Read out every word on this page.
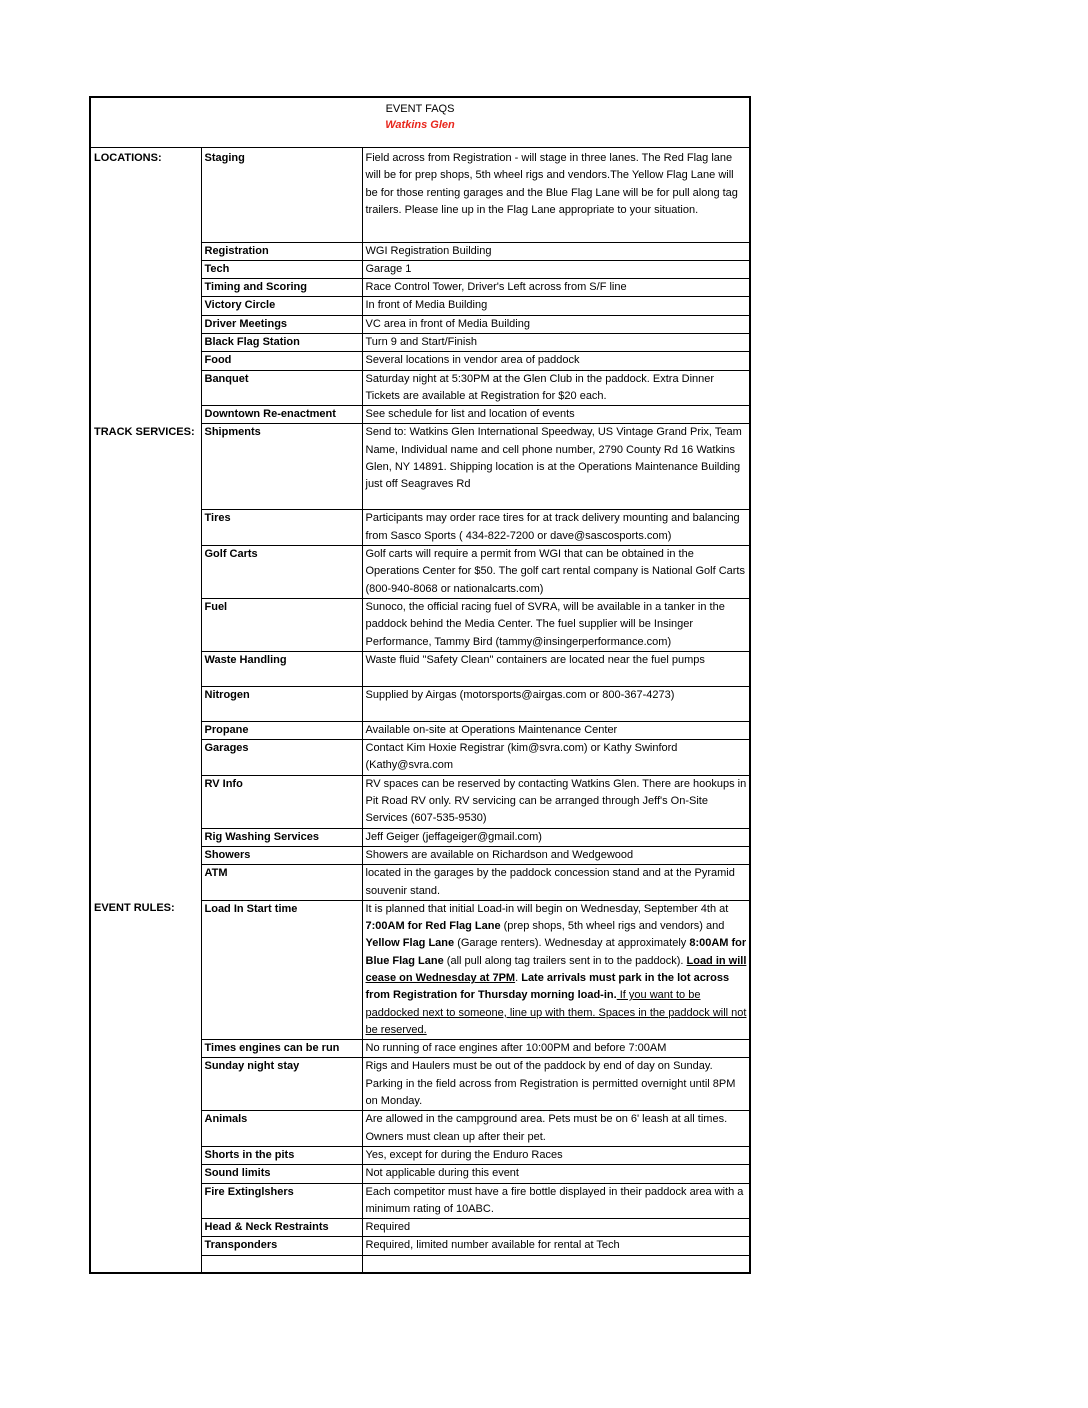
EVENT FAQS
Watkins Glen
LOCATIONS:	Staging	Field across from Registration - will stage in three lanes. The Red Flag lane will be for prep shops, 5th wheel rigs and vendors.The Yellow Flag Lane will be for those renting garages and the Blue Flag Lane will be for pull along tag trailers. Please line up in the Flag Lane appropriate to your situation.
	Registration	WGI Registration Building
	Tech	Garage 1
	Timing and Scoring	Race Control Tower, Driver's Left across from S/F line
	Victory Circle	In front of Media Building
	Driver Meetings	VC area in front of Media Building
	Black Flag Station	Turn 9 and Start/Finish
	Food	Several locations in vendor area of paddock
	Banquet	Saturday night at 5:30PM at the Glen Club in the paddock. Extra Dinner Tickets are available at Registration for $20 each.
	Downtown Re-enactment	See schedule for list and location of events
TRACK SERVICES:	Shipments	Send to: Watkins Glen International Speedway, US Vintage Grand Prix, Team Name, Individual name and cell phone number, 2790 County Rd 16 Watkins Glen, NY 14891. Shipping location is at the Operations Maintenance Building just off Seagraves Rd
	Tires	Participants may order race tires for at track delivery mounting and balancing from Sasco Sports ( 434-822-7200 or dave@sascosports.com)
	Golf Carts	Golf carts will require a permit from WGI that can be obtained in the Operations Center for $50. The golf cart rental company is National Golf Carts (800-940-8068 or nationalcarts.com)
	Fuel	Sunoco, the official racing fuel of SVRA, will be available in a tanker in the paddock behind the Media Center. The fuel supplier will be Insinger Performance, Tammy Bird (tammy@insingerperformance.com)
	Waste Handling	Waste fluid "Safety Clean" containers are located near the fuel pumps
	Nitrogen	Supplied by Airgas (motorsports@airgas.com or 800-367-4273)
	Propane	Available on-site at Operations Maintenance Center
	Garages	Contact Kim Hoxie Registrar (kim@svra.com) or Kathy Swinford (Kathy@svra.com
	RV Info	RV spaces can be reserved by contacting Watkins Glen. There are hookups in Pit Road RV only. RV servicing can be arranged through Jeff's On-Site Services (607-535-9530)
	Rig Washing Services	Jeff Geiger (jeffageiger@gmail.com)
	Showers	Showers are available on Richardson and Wedgewood
	ATM	located in the garages by the paddock concession stand and at the Pyramid souvenir stand.
EVENT RULES:	Load In Start time	It is planned that initial Load-in will begin on Wednesday, September 4th at 7:00AM for Red Flag Lane (prep shops, 5th wheel rigs and vendors) and Yellow Flag Lane (Garage renters). Wednesday at approximately 8:00AM for Blue Flag Lane (all pull along tag trailers sent in to the paddock). Load in will cease on Wednesday at 7PM. Late arrivals must park in the lot across from Registration for Thursday morning load-in. If you want to be paddocked next to someone, line up with them. Spaces in the paddock will not be reserved.
	Times engines can be run	No running of race engines after 10:00PM and before 7:00AM
	Sunday night stay	Rigs and Haulers must be out of the paddock by end of day on Sunday. Parking in the field across from Registration is permitted overnight until 8PM on Monday.
	Animals	Are allowed in the campground area. Pets must be on 6' leash at all times. Owners must clean up after their pet.
	Shorts in the pits	Yes, except for during the Enduro Races
	Sound limits	Not applicable during this event
	Fire Extinglshers	Each competitor must have a fire bottle displayed in their paddock area with a minimum rating of 10ABC.
	Head & Neck Restraints	Required
	Transponders	Required, limited number available for rental at Tech
